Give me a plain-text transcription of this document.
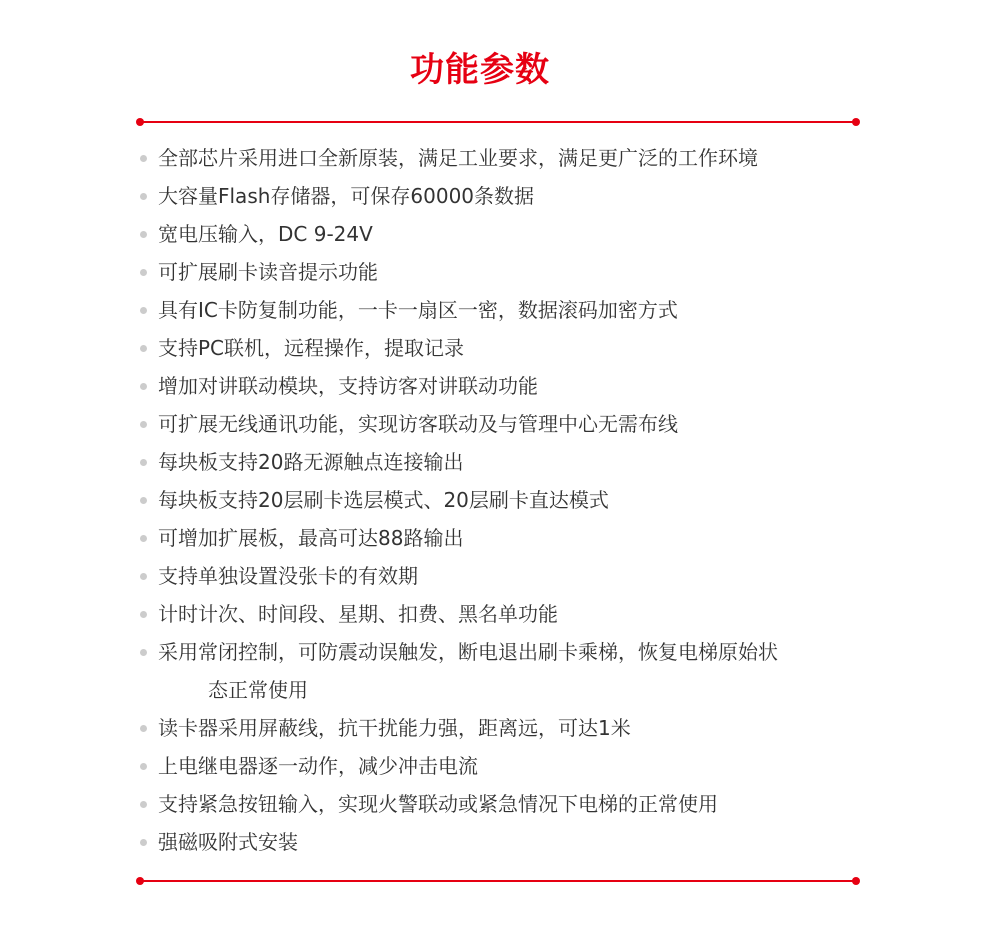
功能参数
全部芯片采用进口全新原装，满足工业要求，满足更广泛的工作环境
大容量Flash存储器，可保存60000条数据
宽电压输入，DC 9-24V
可扩展刷卡读音提示功能
具有IC卡防复制功能，一卡一扇区一密，数据滚码加密方式
支持PC联机，远程操作，提取记录
增加对讲联动模块，支持访客对讲联动功能
可扩展无线通讯功能，实现访客联动及与管理中心无需布线
每块板支持20路无源触点连接输出
每块板支持20层刷卡选层模式、20层刷卡直达模式
可增加扩展板，最高可达88路输出
支持单独设置没张卡的有效期
计时计次、时间段、星期、扣费、黑名单功能
采用常闭控制，可防震动误触发，断电退出刷卡乘梯，恢复电梯原始状
态正常使用
读卡器采用屏蔽线，抗干扰能力强，距离远，可达1米
上电继电器逐一动作，减少冲击电流
支持紧急按钮输入，实现火警联动或紧急情况下电梯的正常使用
强磁吸附式安装
